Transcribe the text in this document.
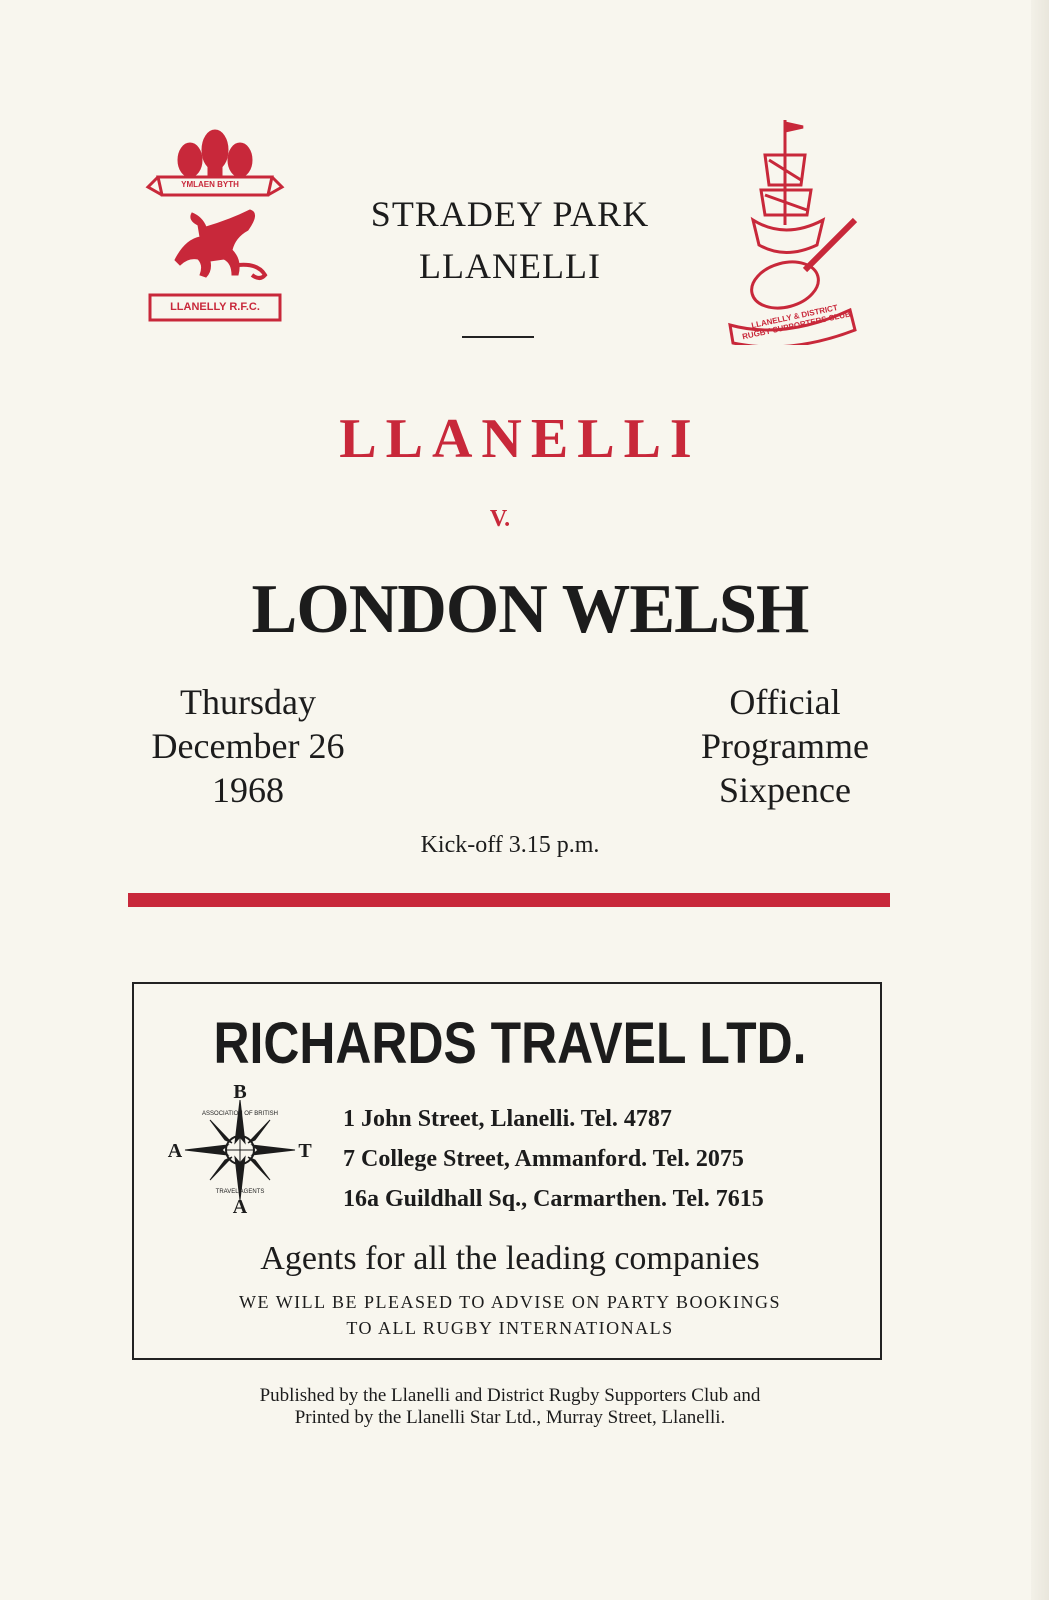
YMLAEN BYTH
LLANELLY R.F.C.	LLANELLY & DISTRICT RUGBY SUPPORTERS CLUB
STRADEY PARK
LLANELLI
LLANELLI
V.
LONDON WELSH
Thursday
December 26
1968
Official
Programme
Sixpence
Kick-off 3.15 p.m.
RICHARDS TRAVEL LTD.
B
A	T
A
ASSOCIATION OF BRITISH
TRAVEL AGENTS
1 John Street, Llanelli. Tel. 4787
7 College Street, Ammanford. Tel. 2075
16a Guildhall Sq., Carmarthen. Tel. 7615
Agents for all the leading companies
WE WILL BE PLEASED TO ADVISE ON PARTY BOOKINGS
TO ALL RUGBY INTERNATIONALS
Published by the Llanelli and District Rugby Supporters Club and
Printed by the Llanelli Star Ltd., Murray Street, Llanelli.
